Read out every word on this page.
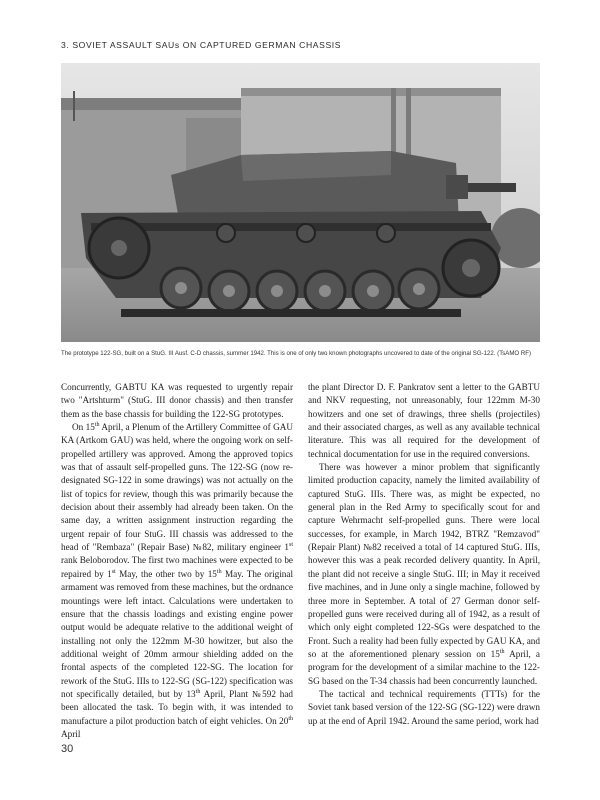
3. SOVIET ASSAULT SAUs ON CAPTURED GERMAN CHASSIS
The prototype 122-SG, built on a StuG. III Ausf. C-D chassis, summer 1942. This is one of only two known photographs uncovered to date of the original SG-122. (TsAMO RF)

Concurrently, GABTU KA was requested to urgently repair two "Artshturm" (StuG. III donor chassis) and then transfer them as the base chassis for building the 122-SG prototypes.

On 15th April, a Plenum of the Artillery Committee of GAU KA (Artkom GAU) was held, where the ongoing work on self-propelled artillery was approved. Among the approved topics was that of assault self-propelled guns. The 122-SG (now re-designated SG-122 in some drawings) was not actually on the list of topics for review, though this was primarily because the decision about their assembly had already been taken. On the same day, a written assignment instruction regarding the urgent repair of four StuG. III chassis was addressed to the head of "Rembaza" (Repair Base) №82, military engineer 1st rank Beloborodov. The first two machines were expected to be repaired by 1st May, the other two by 15th May. The original armament was removed from these machines, but the ordnance mountings were left intact. Calculations were undertaken to ensure that the chassis loadings and existing engine power output would be adequate relative to the additional weight of installing not only the 122mm M-30 howitzer, but also the additional weight of 20mm armour shielding added on the frontal aspects of the completed 122-SG. The location for rework of the StuG. IIIs to 122-SG (SG-122) specification was not specifically detailed, but by 13th April, Plant №592 had been allocated the task. To begin with, it was intended to manufacture a pilot production batch of eight vehicles. On 20th April

the plant Director D. F. Pankratov sent a letter to the GABTU and NKV requesting, not unreasonably, four 122mm M-30 howitzers and one set of drawings, three shells (projectiles) and their associated charges, as well as any available technical literature. This was all required for the development of technical documentation for use in the required conversions.

There was however a minor problem that significantly limited production capacity, namely the limited availability of captured StuG. IIIs. There was, as might be expected, no general plan in the Red Army to specifically scout for and capture Wehrmacht self-propelled guns. There were local successes, for example, in March 1942, BTRZ "Remzavod" (Repair Plant) №82 received a total of 14 captured StuG. IIIs, however this was a peak recorded delivery quantity. In April, the plant did not receive a single StuG. III; in May it received five machines, and in June only a single machine, followed by three more in September. A total of 27 German donor self-propelled guns were received during all of 1942, as a result of which only eight completed 122-SGs were despatched to the Front. Such a reality had been fully expected by GAU KA, and so at the aforementioned plenary session on 15th April, a program for the development of a similar machine to the 122-SG based on the T-34 chassis had been concurrently launched.

The tactical and technical requirements (TTTs) for the Soviet tank based version of the 122-SG (SG-122) were drawn up at the end of April 1942. Around the same period, work had

30
